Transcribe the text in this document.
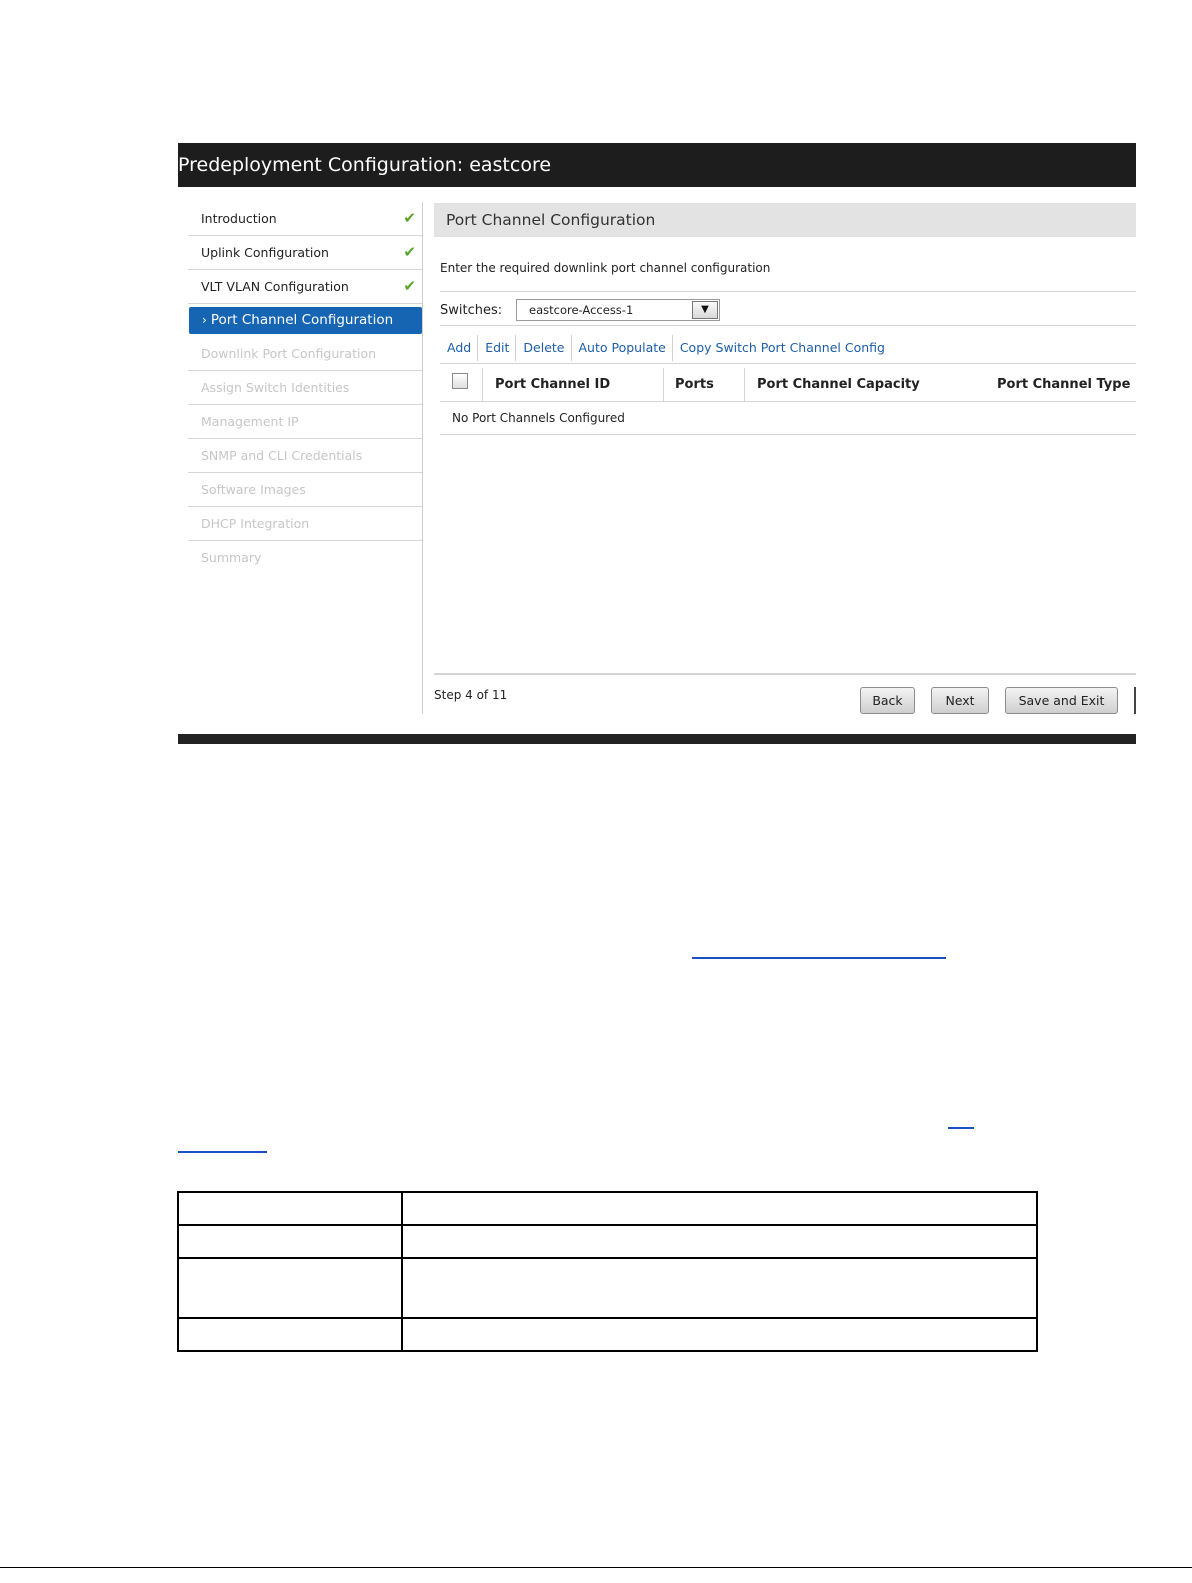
Predeployment Configuration: eastcore
Introduction	✔
Uplink Configuration	✔
VLT VLAN Configuration	✔
› Port Channel Configuration
Downlink Port Configuration
Assign Switch Identities
Management IP
SNMP and CLI Credentials
Software Images
DHCP Integration
Summary
Port Channel Configuration
Enter the required downlink port channel configuration
Switches:	eastcore-Access-1	▼
Add	Edit	Delete	Auto Populate	Copy Switch Port Channel Config
Port Channel ID	Ports	Port Channel Capacity	Port Channel Type
No Port Channels Configured
Step 4 of 11	Back	Next	Save and Exit
